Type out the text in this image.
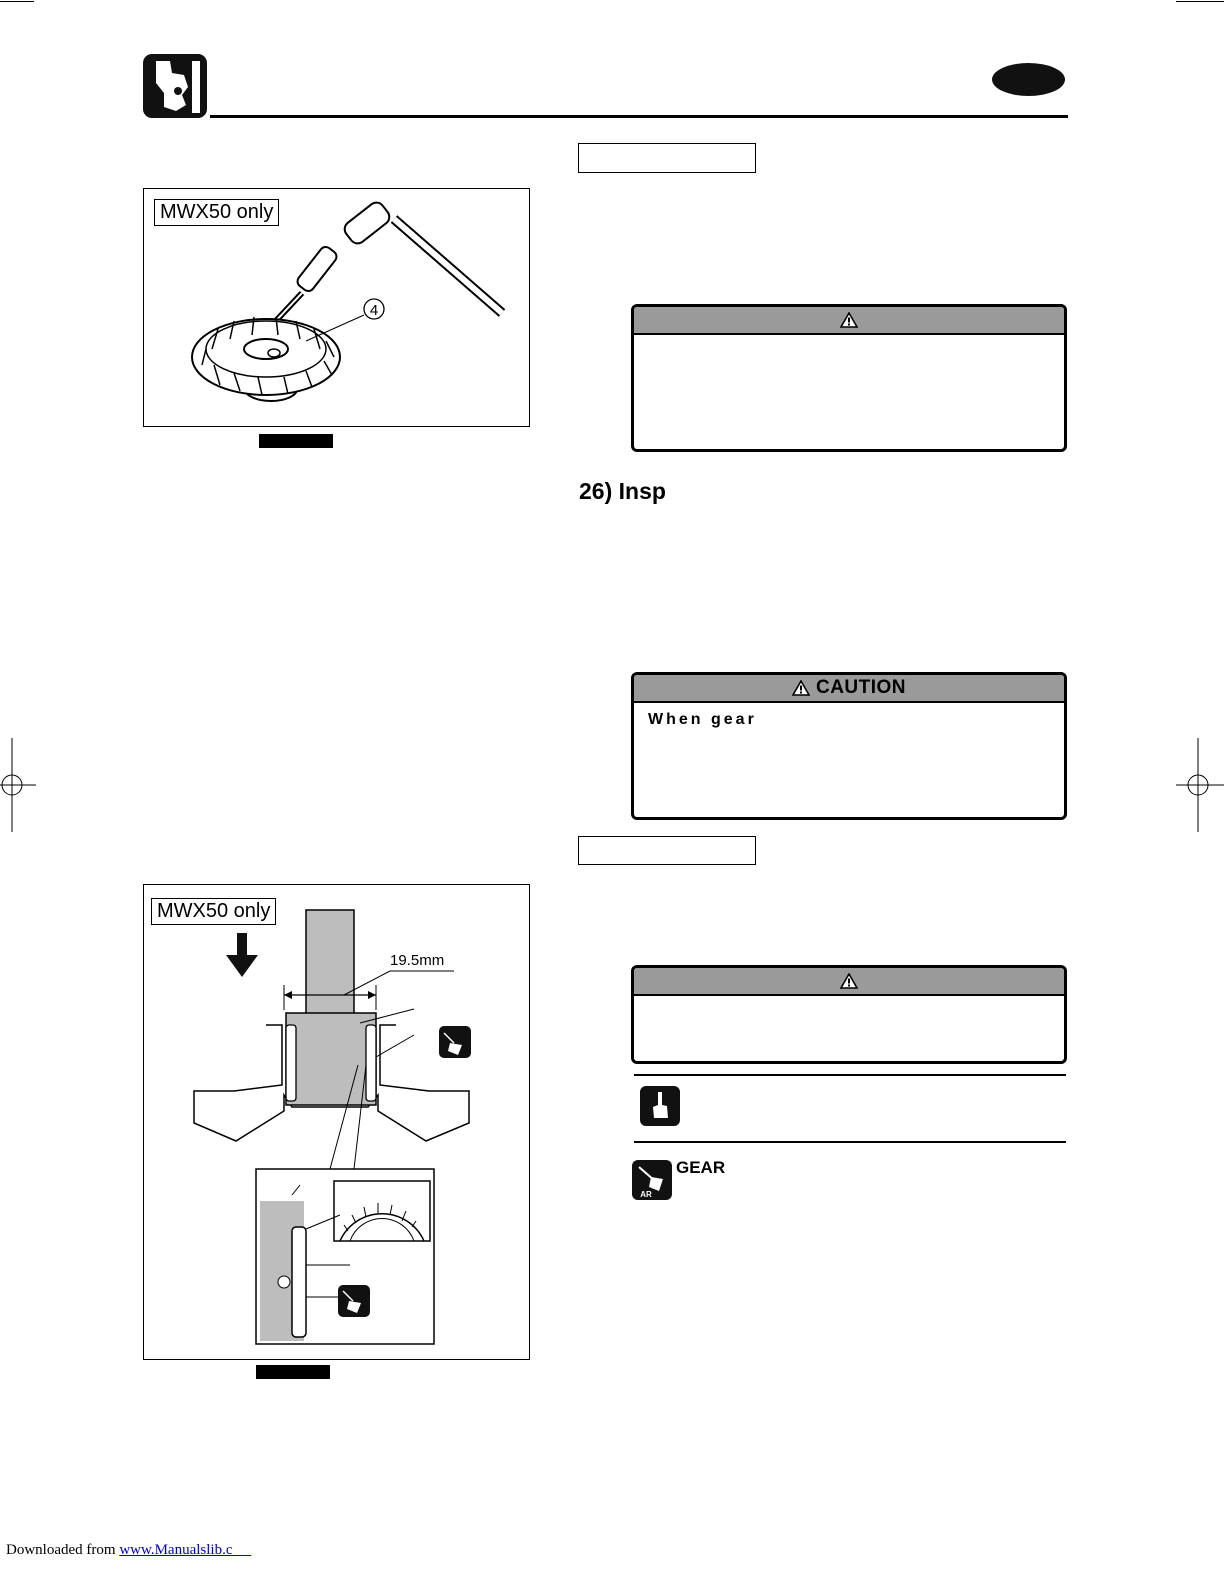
MWX50 only
4
26) Insp
CAUTION
When gear
AR
GEAR
MWX50 only
19.5mm
Downloaded from www.Manualslib.c
